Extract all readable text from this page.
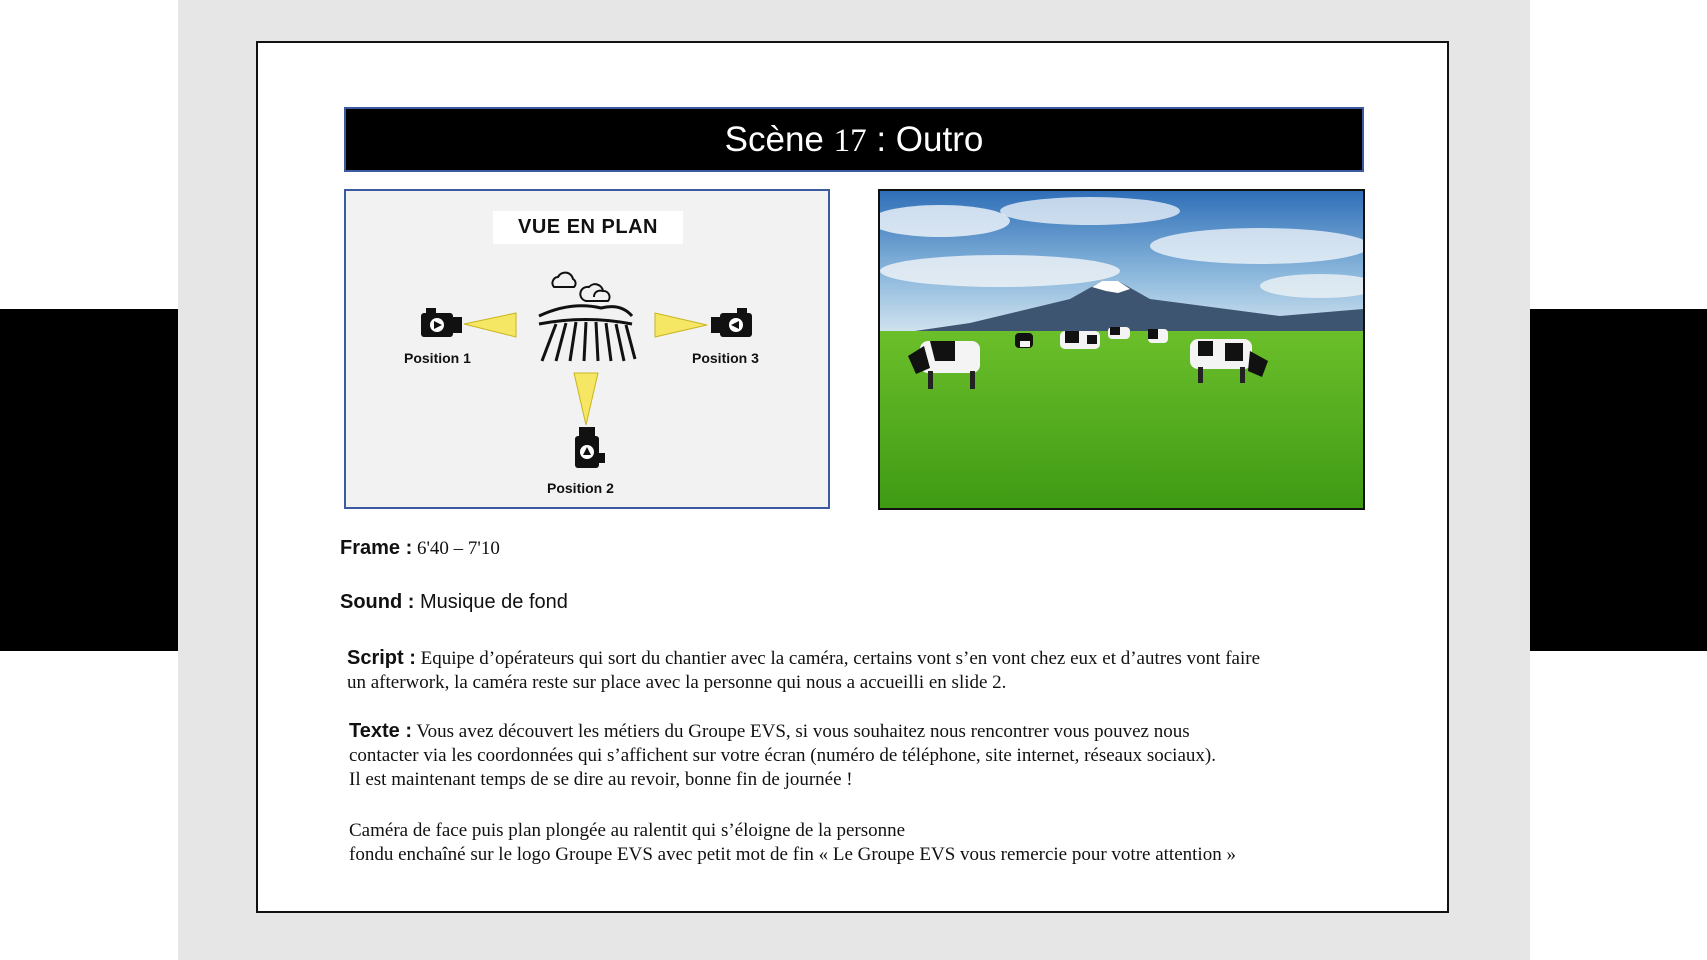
Scène 17 : Outro
VUE EN PLAN
Position 1	Position 3
Position 2
Frame : 6'40 – 7'10
Sound : Musique de fond
Script : Equipe d’opérateurs qui sort du chantier avec la caméra, certains vont s’en vont chez eux et d’autres vont faire
un afterwork, la caméra reste sur place avec la personne qui nous a accueilli en slide 2.
Texte : Vous avez découvert les métiers du Groupe EVS, si vous souhaitez nous rencontrer vous pouvez nous
contacter via les coordonnées qui s’affichent sur votre écran (numéro de téléphone, site internet, réseaux sociaux).
Il est maintenant temps de se dire au revoir, bonne fin de journée !
Caméra de face puis plan plongée au ralentit qui s’éloigne de la personne
fondu enchaîné sur le logo Groupe EVS avec petit mot de fin « Le Groupe EVS vous remercie pour votre attention »
